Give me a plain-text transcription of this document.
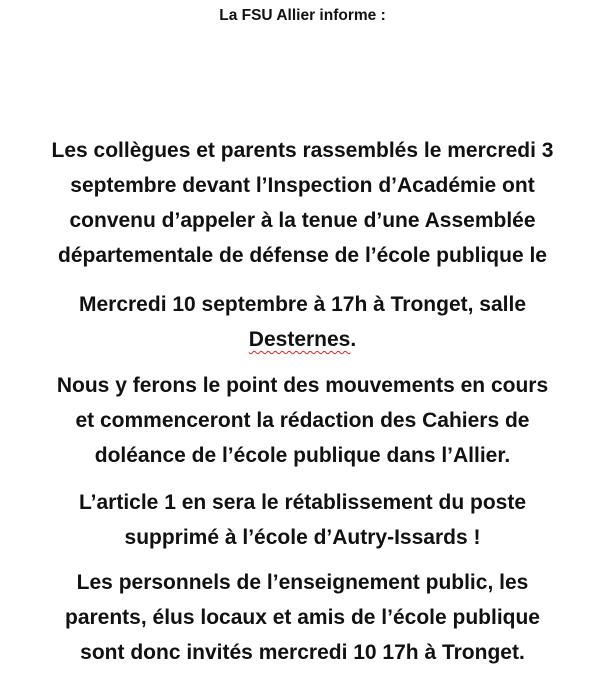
La FSU Allier informe :

Les collègues et parents rassemblés le mercredi 3
septembre devant l’Inspection d’Académie ont
convenu d’appeler à la tenue d’une Assemblée
départementale de défense de l’école publique le

Mercredi 10 septembre à 17h à Tronget, salle
Desternes.

Nous y ferons le point des mouvements en cours
et commenceront la rédaction des Cahiers de
doléance de l’école publique dans l’Allier.

L’article 1 en sera le rétablissement du poste
supprimé à l’école d’Autry-Issards !

Les personnels de l’enseignement public, les
parents, élus locaux et amis de l’école publique
sont donc invités mercredi 10 17h à Tronget.
